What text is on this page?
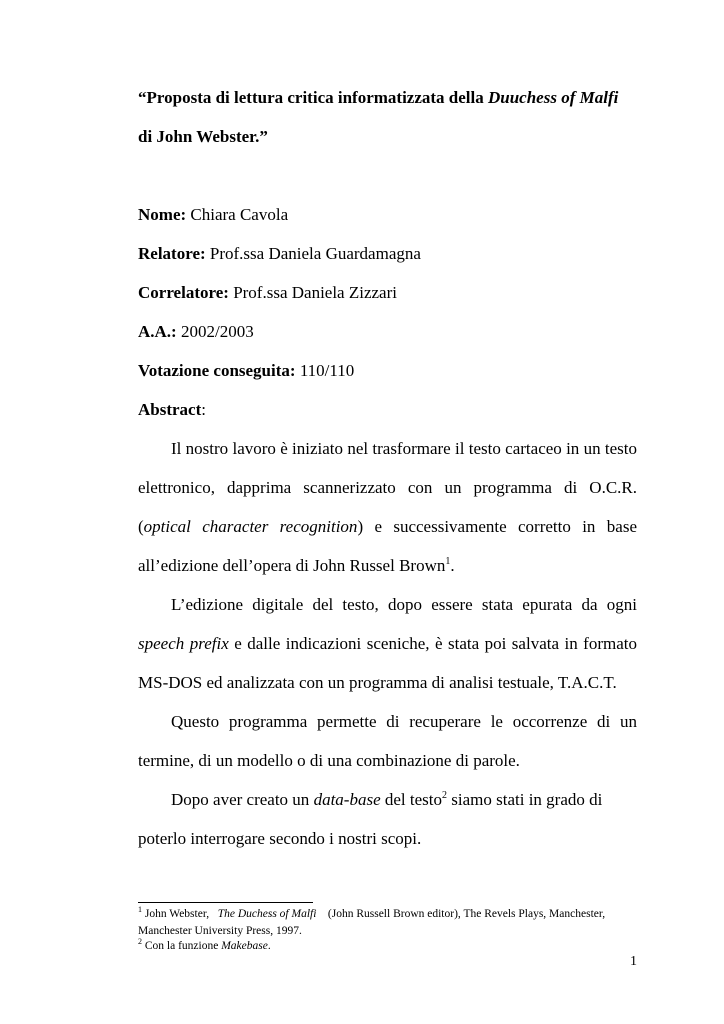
“Proposta di lettura critica informatizzata della Duuchess of Malfi
di John Webster.”
Nome: Chiara Cavola
Relatore: Prof.ssa Daniela Guardamagna
Correlatore: Prof.ssa Daniela Zizzari
A.A.: 2002/2003
Votazione conseguita: 110/110
Abstract:
Il nostro lavoro è iniziato nel trasformare il testo cartaceo in un testo
elettronico, dapprima scannerizzato con un programma di O.C.R.
(optical character recognition) e successivamente corretto in base
all’edizione dell’opera di John Russel Brown$^1$.
L’edizione digitale del testo, dopo essere stata epurata da ogni
speech prefix e dalle indicazioni sceniche, è stata poi salvata in formato
MS-DOS ed analizzata con un programma di analisi testuale, T.A.C.T.
Questo programma permette di recuperare le occorrenze di un
termine, di un modello o di una combinazione di parole.
Dopo aver creato un data-base del testo$^2$ siamo stati in grado di
poterlo interrogare secondo i nostri scopi.
$^1$ John Webster,   The Duchess of Malfi    (John Russell Brown editor), The Revels Plays, Manchester,
Manchester University Press, 1997.
$^2$ Con la funzione Makebase.
1
